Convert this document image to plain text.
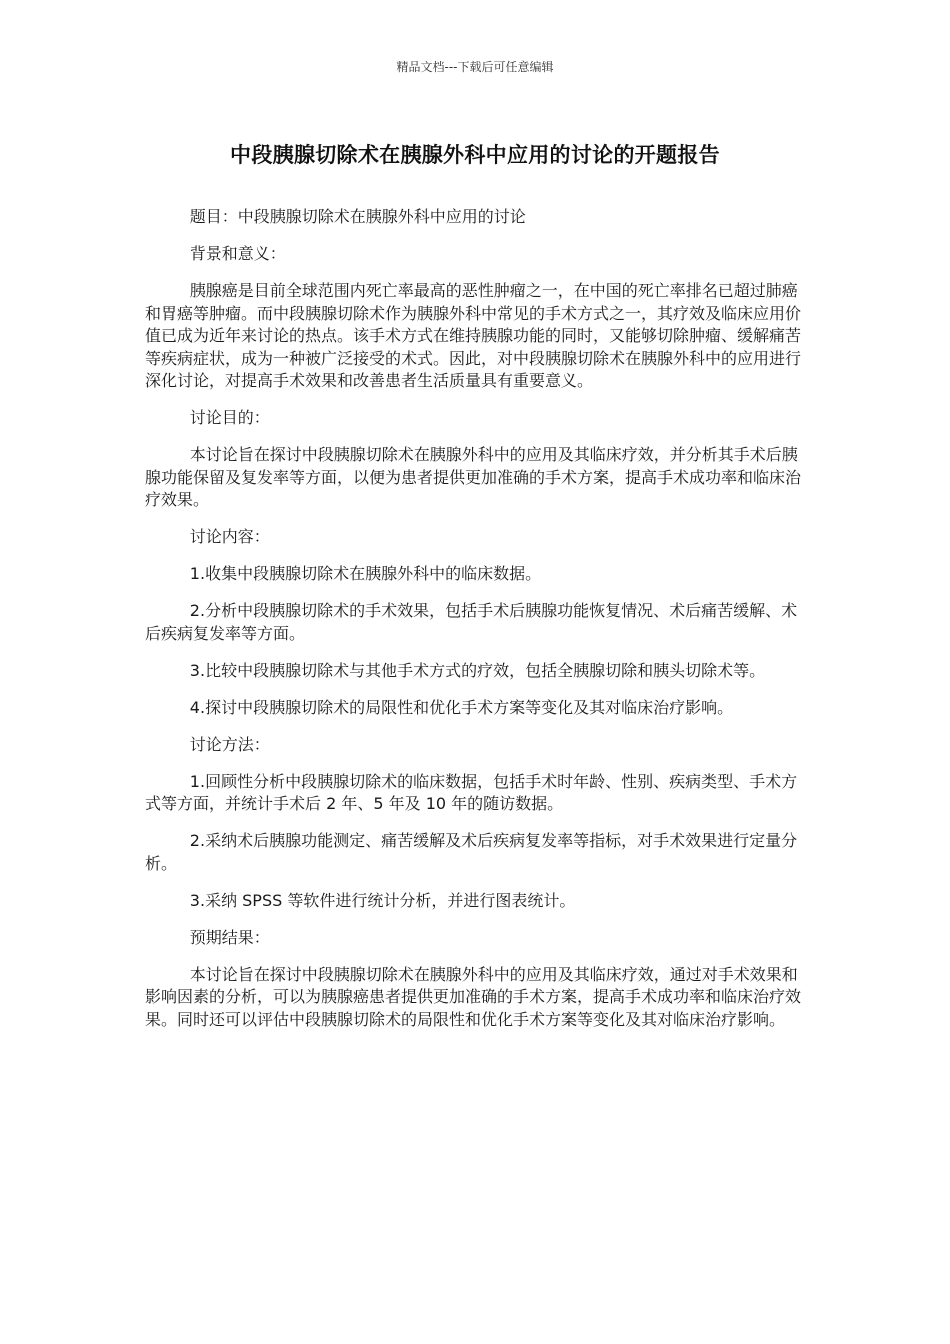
精品文档---下载后可任意编辑
中段胰腺切除术在胰腺外科中应用的讨论的开题报告

题目：中段胰腺切除术在胰腺外科中应用的讨论

背景和意义：

胰腺癌是目前全球范围内死亡率最高的恶性肿瘤之一，在中国的死亡率排名已超过肺癌和胃癌等肿瘤。而中段胰腺切除术作为胰腺外科中常见的手术方式之一，其疗效及临床应用价值已成为近年来讨论的热点。该手术方式在维持胰腺功能的同时，又能够切除肿瘤、缓解痛苦等疾病症状，成为一种被广泛接受的术式。因此，对中段胰腺切除术在胰腺外科中的应用进行深化讨论，对提高手术效果和改善患者生活质量具有重要意义。

讨论目的：

本讨论旨在探讨中段胰腺切除术在胰腺外科中的应用及其临床疗效，并分析其手术后胰腺功能保留及复发率等方面，以便为患者提供更加准确的手术方案，提高手术成功率和临床治疗效果。

讨论内容：

1.收集中段胰腺切除术在胰腺外科中的临床数据。

2.分析中段胰腺切除术的手术效果，包括手术后胰腺功能恢复情况、术后痛苦缓解、术后疾病复发率等方面。

3.比较中段胰腺切除术与其他手术方式的疗效，包括全胰腺切除和胰头切除术等。

4.探讨中段胰腺切除术的局限性和优化手术方案等变化及其对临床治疗影响。

讨论方法：

1.回顾性分析中段胰腺切除术的临床数据，包括手术时年龄、性别、疾病类型、手术方式等方面，并统计手术后 2 年、5 年及 10 年的随访数据。

2.采纳术后胰腺功能测定、痛苦缓解及术后疾病复发率等指标，对手术效果进行定量分析。

3.采纳 SPSS 等软件进行统计分析，并进行图表统计。

预期结果：

本讨论旨在探讨中段胰腺切除术在胰腺外科中的应用及其临床疗效，通过对手术效果和影响因素的分析，可以为胰腺癌患者提供更加准确的手术方案，提高手术成功率和临床治疗效果。同时还可以评估中段胰腺切除术的局限性和优化手术方案等变化及其对临床治疗影响。
